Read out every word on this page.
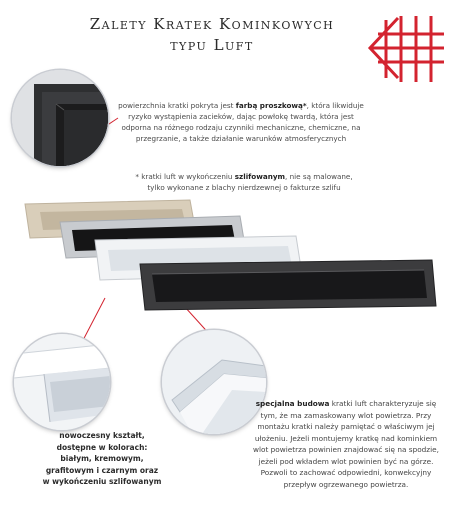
Zalety Kratek Kominkowych
typu Luft
powierzchnia kratki pokryta jest farbą proszkową*, która likwiduje ryzyko wystąpienia zacieków, dając powłokę twardą, która jest odporna na różnego rodzaju czynniki mechaniczne, chemiczne, na przegrzanie, a także działanie warunków atmosferycznych
* kratki luft w wykończeniu szlifowanym, nie są malowane, tylko wykonane z blachy nierdzewnej o fakturze szlifu
nowoczesny kształt, dostępne w kolorach: białym, kremowym, grafitowym i czarnym oraz w wykończeniu szlifowanym
specjalna budowa kratki luft charakteryzuje się tym, że ma zamaskowany wlot powietrza. Przy montażu kratki należy pamiętać o właściwym jej ułożeniu. Jeżeli montujemy kratkę nad kominkiem wlot powietrza powinien znajdować się na spodzie, jeżeli pod wkładem wlot powinien być na górze. Pozwoli to zachować odpowiedni, konwekcyjny przepływ ogrzewanego powietrza.
